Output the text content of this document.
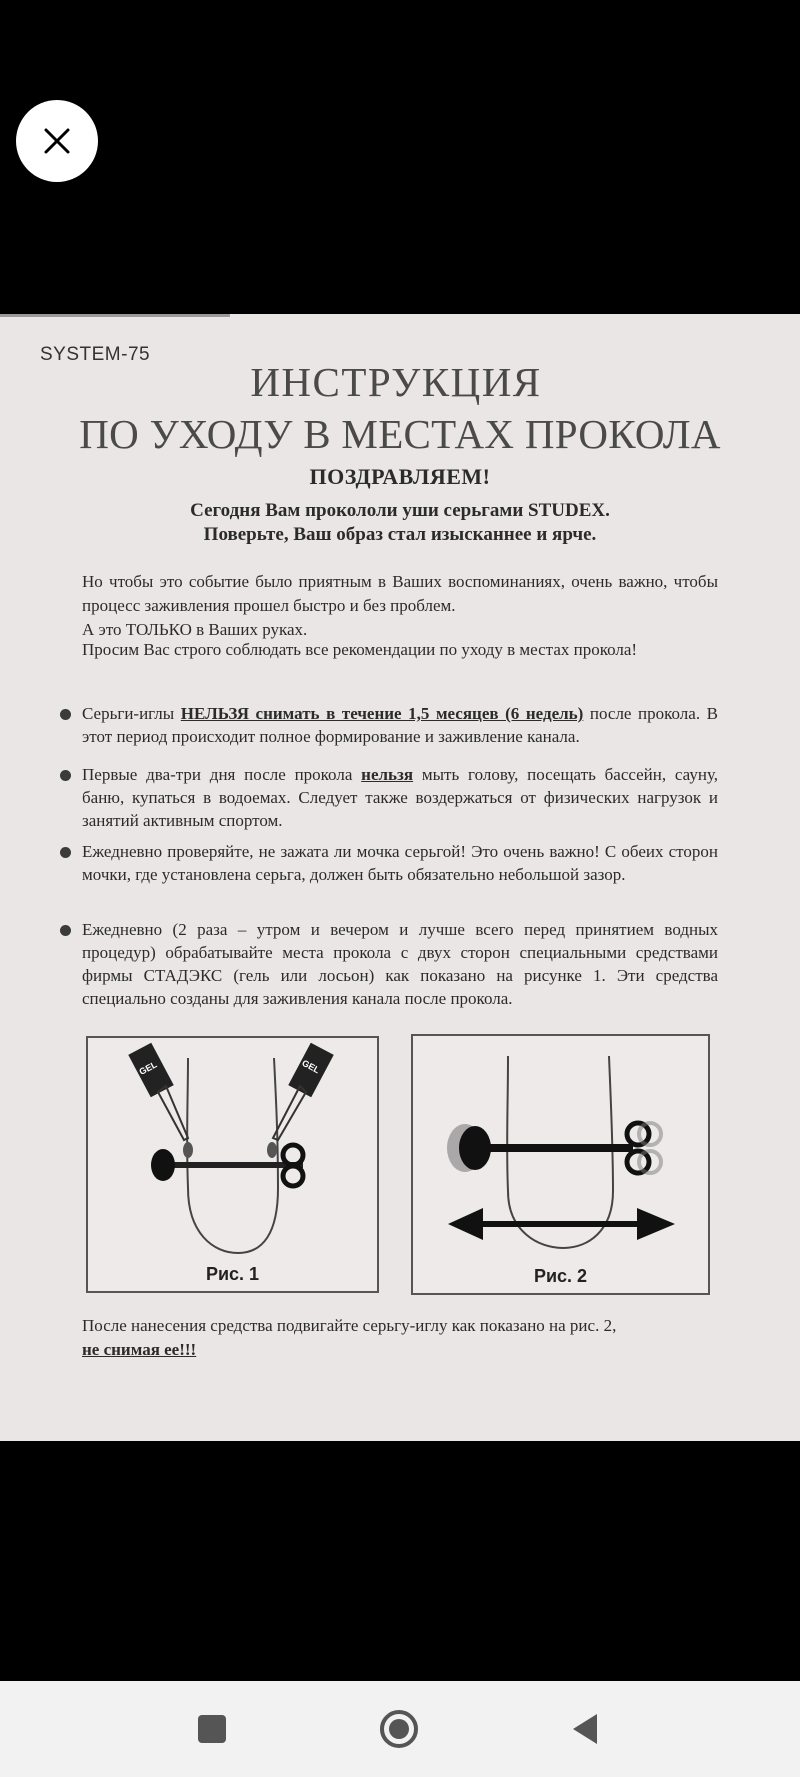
SYSTEM-75
ИНСТРУКЦИЯ
ПО УХОДУ В МЕСТАХ ПРОКОЛА
ПОЗДРАВЛЯЕМ!
Сегодня Вам прокололи уши серьгами STUDEX.
Поверьте, Ваш образ стал изысканнее и ярче.
Но чтобы это событие было приятным в Ваших воспоминаниях, очень важно, чтобы процесс заживления прошел быстро и без проблем.
А это ТОЛЬКО в Ваших руках.
Просим Вас строго соблюдать все рекомендации по уходу в местах прокола!
Серьги-иглы НЕЛЬЗЯ снимать в течение 1,5 месяцев (6 недель) после прокола. В этот период происходит полное формирование и заживление канала.
Первые два-три дня после прокола нельзя мыть голову, посещать бассейн, сауну, баню, купаться в водоемах. Следует также воздержаться от физических нагрузок и занятий активным спортом.
Ежедневно проверяйте, не зажата ли мочка серьгой! Это очень важно! С обеих сторон мочки, где установлена серьга, должен быть обязательно небольшой зазор.
Ежедневно (2 раза – утром и вечером и лучше всего перед принятием водных процедур) обрабатывайте места прокола с двух сторон специальными средствами фирмы СТАДЭКС (гель или лосьон) как показано на рисунке 1. Эти средства специально созданы для заживления канала после прокола.
GEL	GEL
Рис. 1	Рис. 2
После нанесения средства подвигайте серьгу-иглу как показано на рис. 2,
не снимая ее!!!
